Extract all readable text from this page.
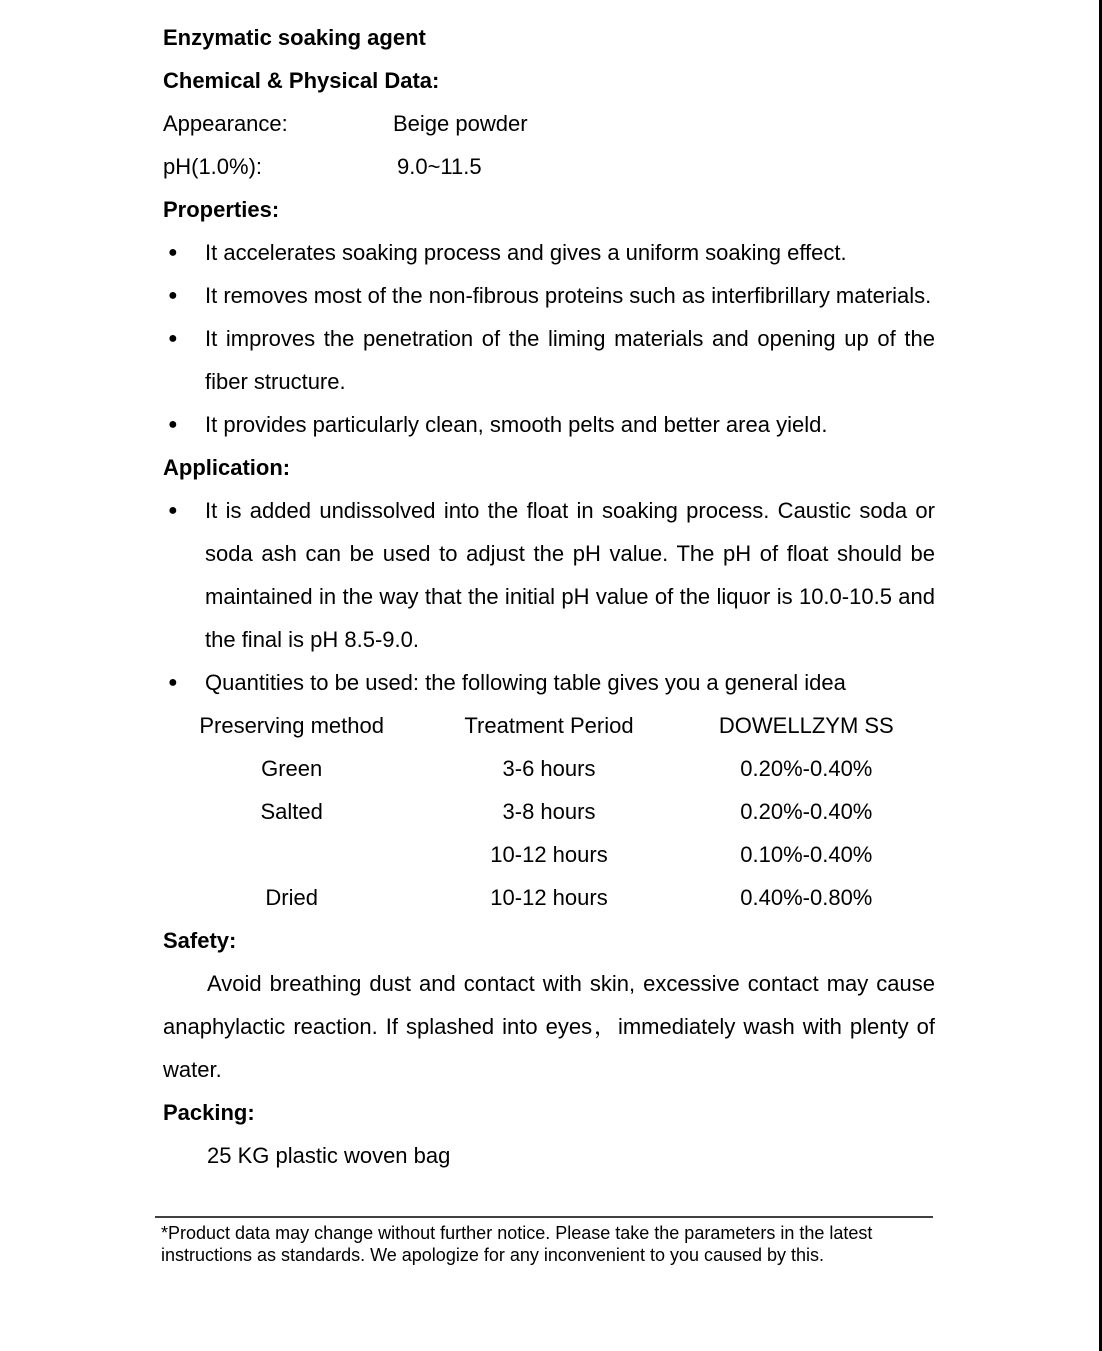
Enzymatic soaking agent

Chemical & Physical Data:

Appearance:	Beige powder
pH(1.0%):	9.0~11.5

Properties:

● It accelerates soaking process and gives a uniform soaking effect.
● It removes most of the non-fibrous proteins such as interfibrillary materials.
● It improves the penetration of the liming materials and opening up of the fiber structure.
● It provides particularly clean, smooth pelts and better area yield.

Application:

● It is added undissolved into the float in soaking process. Caustic soda or soda ash can be used to adjust the pH value. The pH of float should be maintained in the way that the initial pH value of the liquor is 10.0-10.5 and the final is pH 8.5-9.0.
● Quantities to be used: the following table gives you a general idea
Preserving method	Treatment Period	DOWELLZYM SS
Green	3-6 hours	0.20%-0.40%
Salted	3-8 hours	0.20%-0.40%
	10-12 hours	0.10%-0.40%
Dried	10-12 hours	0.40%-0.80%

Safety:

Avoid breathing dust and contact with skin, excessive contact may cause anaphylactic reaction. If splashed into eyes，immediately wash with plenty of water.

Packing:

25 KG plastic woven bag

*Product data may change without further notice. Please take the parameters in the latest instructions as standards. We apologize for any inconvenient to you caused by this.
